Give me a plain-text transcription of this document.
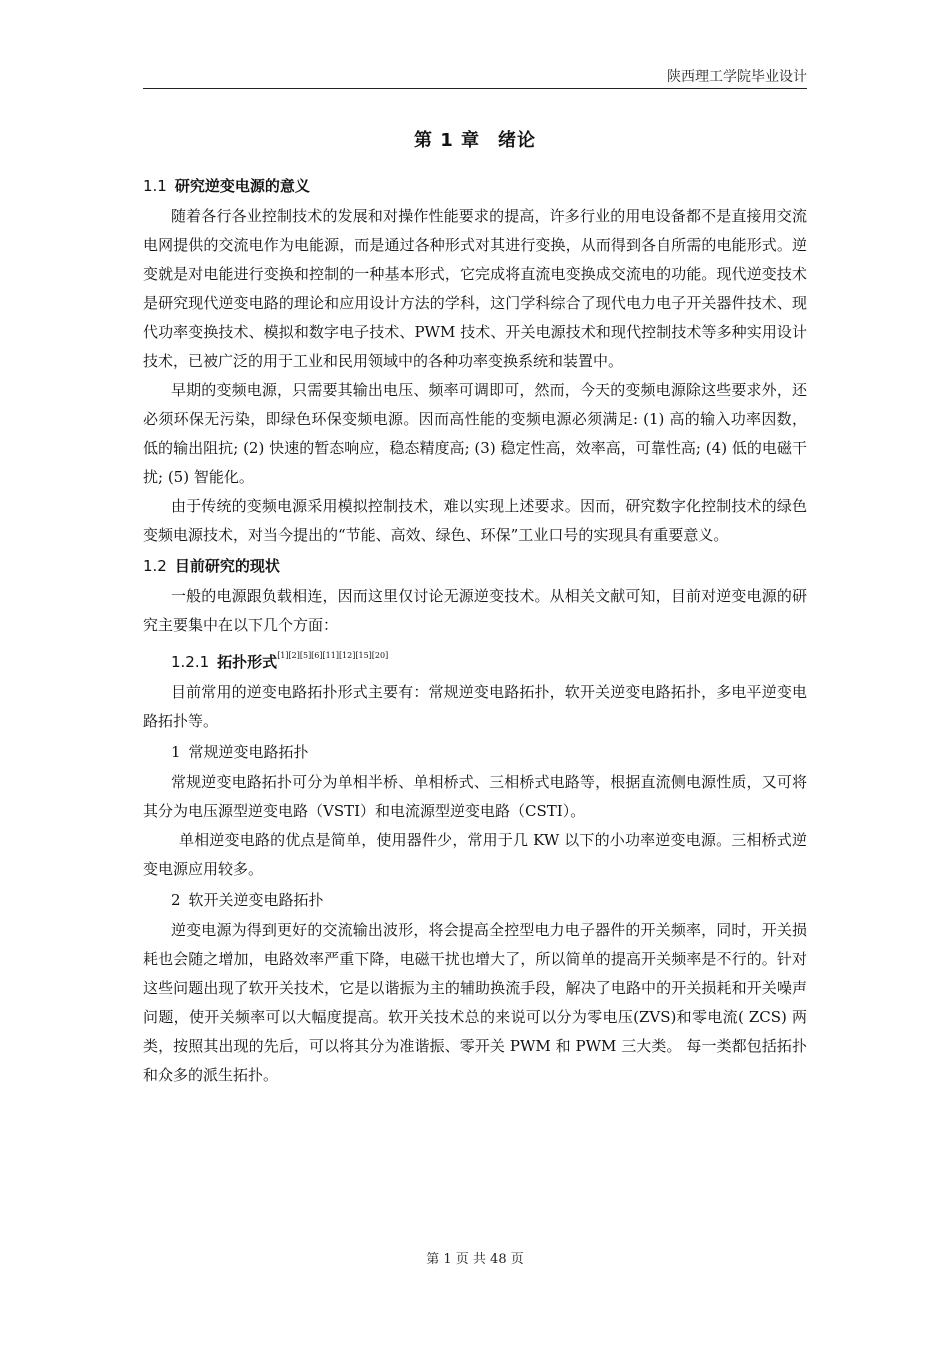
陕西理工学院毕业设计
第 1 章 绪论
1.1 研究逆变电源的意义

随着各行各业控制技术的发展和对操作性能要求的提高，许多行业的用电设备都不是直接用交流电网提供的交流电作为电能源，而是通过各种形式对其进行变换，从而得到各自所需的电能形式。逆变就是对电能进行变换和控制的一种基本形式，它完成将直流电变换成交流电的功能。现代逆变技术是研究现代逆变电路的理论和应用设计方法的学科，这门学科综合了现代电力电子开关器件技术、现代功率变换技术、模拟和数字电子技术、PWM 技术、开关电源技术和现代控制技术等多种实用设计技术，已被广泛的用于工业和民用领域中的各种功率变换系统和装置中。

早期的变频电源，只需要其输出电压、频率可调即可，然而，今天的变频电源除这些要求外，还必须环保无污染，即绿色环保变频电源。因而高性能的变频电源必须满足: (1) 高的输入功率因数，低的输出阻抗; (2) 快速的暂态响应，稳态精度高; (3) 稳定性高，效率高，可靠性高; (4) 低的电磁干扰; (5) 智能化。

由于传统的变频电源采用模拟控制技术，难以实现上述要求。因而，研究数字化控制技术的绿色变频电源技术，对当今提出的“节能、高效、绿色、环保”工业口号的实现具有重要意义。

1.2 目前研究的现状

一般的电源跟负载相连，因而这里仅讨论无源逆变技术。从相关文献可知，目前对逆变电源的研究主要集中在以下几个方面：

1.2.1 拓扑形式[1][2][5][6][11][12][15][20]

目前常用的逆变电路拓扑形式主要有：常规逆变电路拓扑，软开关逆变电路拓扑，多电平逆变电路拓扑等。

1 常规逆变电路拓扑

常规逆变电路拓扑可分为单相半桥、单相桥式、三相桥式电路等，根据直流侧电源性质，又可将其分为电压源型逆变电路（VSTI）和电流源型逆变电路（CSTI）。

单相逆变电路的优点是简单，使用器件少，常用于几 KW 以下的小功率逆变电源。三相桥式逆变电源应用较多。

2 软开关逆变电路拓扑

逆变电源为得到更好的交流输出波形，将会提高全控型电力电子器件的开关频率，同时，开关损耗也会随之增加，电路效率严重下降，电磁干扰也增大了，所以简单的提高开关频率是不行的。针对这些问题出现了软开关技术，它是以谐振为主的辅助换流手段，解决了电路中的开关损耗和开关噪声问题，使开关频率可以大幅度提高。软开关技术总的来说可以分为零电压(ZVS)和零电流( ZCS) 两类，按照其出现的先后，可以将其分为准谐振、零开关 PWM 和 PWM 三大类。 每一类都包括拓扑和众多的派生拓扑。

第 1 页 共 48 页
